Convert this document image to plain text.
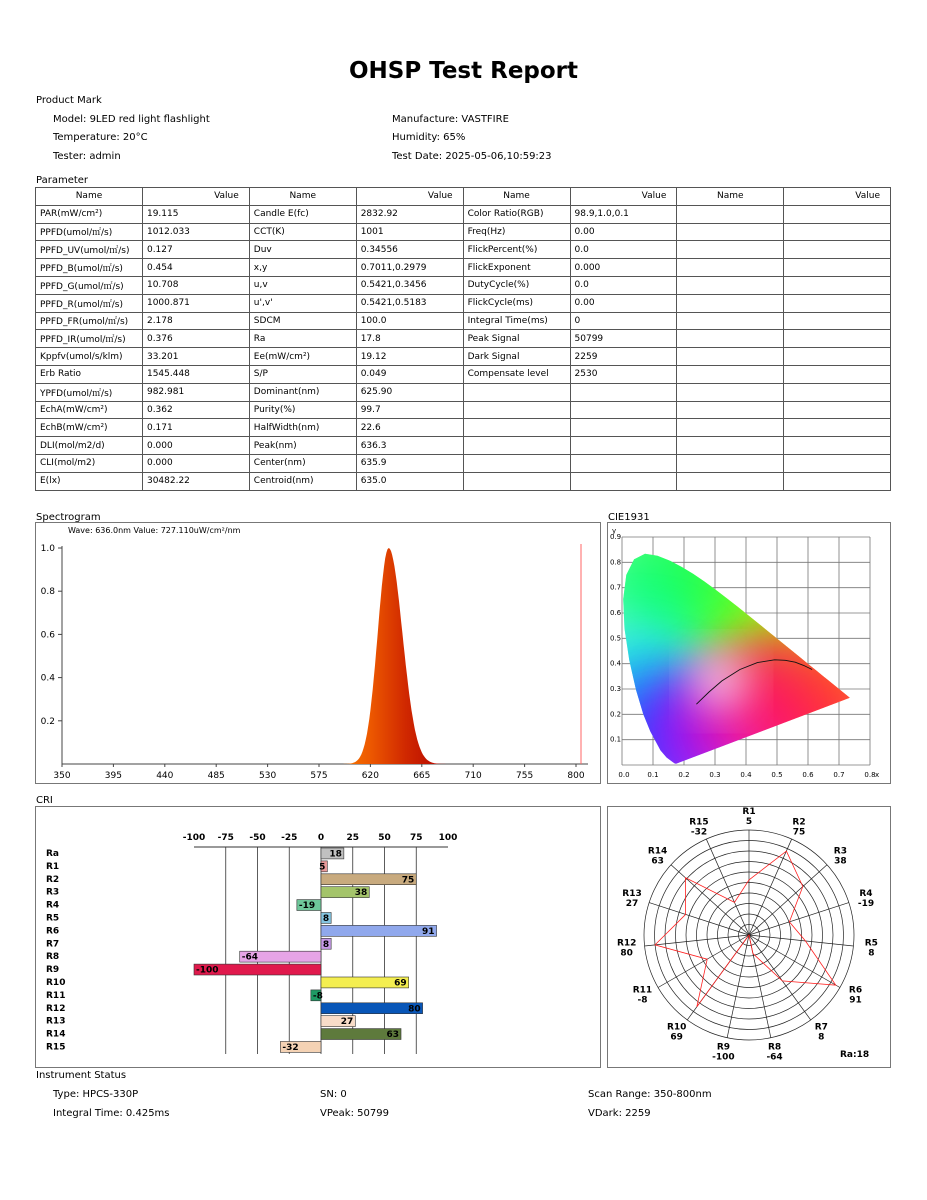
OHSP Test Report
Product Mark
Model: 9LED red light flashlight	Manufacture: VASTFIRE
Temperature: 20°C	Humidity: 65%
Tester: admin	Test Date: 2025-05-06,10:59:23
Parameter
Name	Value	Name	Value	Name	Value	Name	Value
PAR(mW/cm²)	19.115	Candle E(fc)	2832.92	Color Ratio(RGB)	98.9,1.0,0.1		
PPFD(umol/㎡/s)	1012.033	CCT(K)	1001	Freq(Hz)	0.00		
PPFD_UV(umol/㎡/s)	0.127	Duv	0.34556	FlickPercent(%)	0.0		
PPFD_B(umol/㎡/s)	0.454	x,y	0.7011,0.2979	FlickExponent	0.000		
PPFD_G(umol/㎡/s)	10.708	u,v	0.5421,0.3456	DutyCycle(%)	0.0		
PPFD_R(umol/㎡/s)	1000.871	u',v'	0.5421,0.5183	FlickCycle(ms)	0.00		
PPFD_FR(umol/㎡/s)	2.178	SDCM	100.0	Integral Time(ms)	0		
PPFD_IR(umol/㎡/s)	0.376	Ra	17.8	Peak Signal	50799		
Kppfv(umol/s/klm)	33.201	Ee(mW/cm²)	19.12	Dark Signal	2259		
Erb Ratio	1545.448	S/P	0.049	Compensate level	2530		
YPFD(umol/㎡/s)	982.981	Dominant(nm)	625.90				
EchA(mW/cm²)	0.362	Purity(%)	99.7				
EchB(mW/cm²)	0.171	HalfWidth(nm)	22.6				
DLI(mol/m2/d)	0.000	Peak(nm)	636.3				
CLI(mol/m2)	0.000	Center(nm)	635.9				
E(lx)	30482.22	Centroid(nm)	635.0				
Spectrogram
Wave: 636.0nm Value: 727.110uW/cm²/nm
1.0
0.8
0.6
0.4
0.2
350	395	440	485	530	575	620	665	710	755	800
CIE1931
0.0	0.1	0.2	0.3	0.4	0.5	0.6	0.7	0.8 x
0.9
0.8
0.7
0.6
0.5
0.4
0.3
0.2
0.1
y
CRI
-100 -75 -50 -25 0 25 50 75 100
Ra	18
R1	5
R2	75
R3	38
R4	-19
R5	8
R6	91
R7	8
R8	-64
R9	-100
R10	69
R11	-8
R12	80
R13	27
R14	63
R15	-32
R1
5	R2
75
R3
38
R4
-19
R5
8
R6
91
R7
8
R8
-64
R9
-100
R10
69
R11
-8
R12
80
R13
27
R14
63
R15
-32
Ra:18
Instrument Status
Type: HPCS-330P	SN: 0	Scan Range: 350-800nm
Integral Time: 0.425ms	VPeak: 50799	VDark: 2259
